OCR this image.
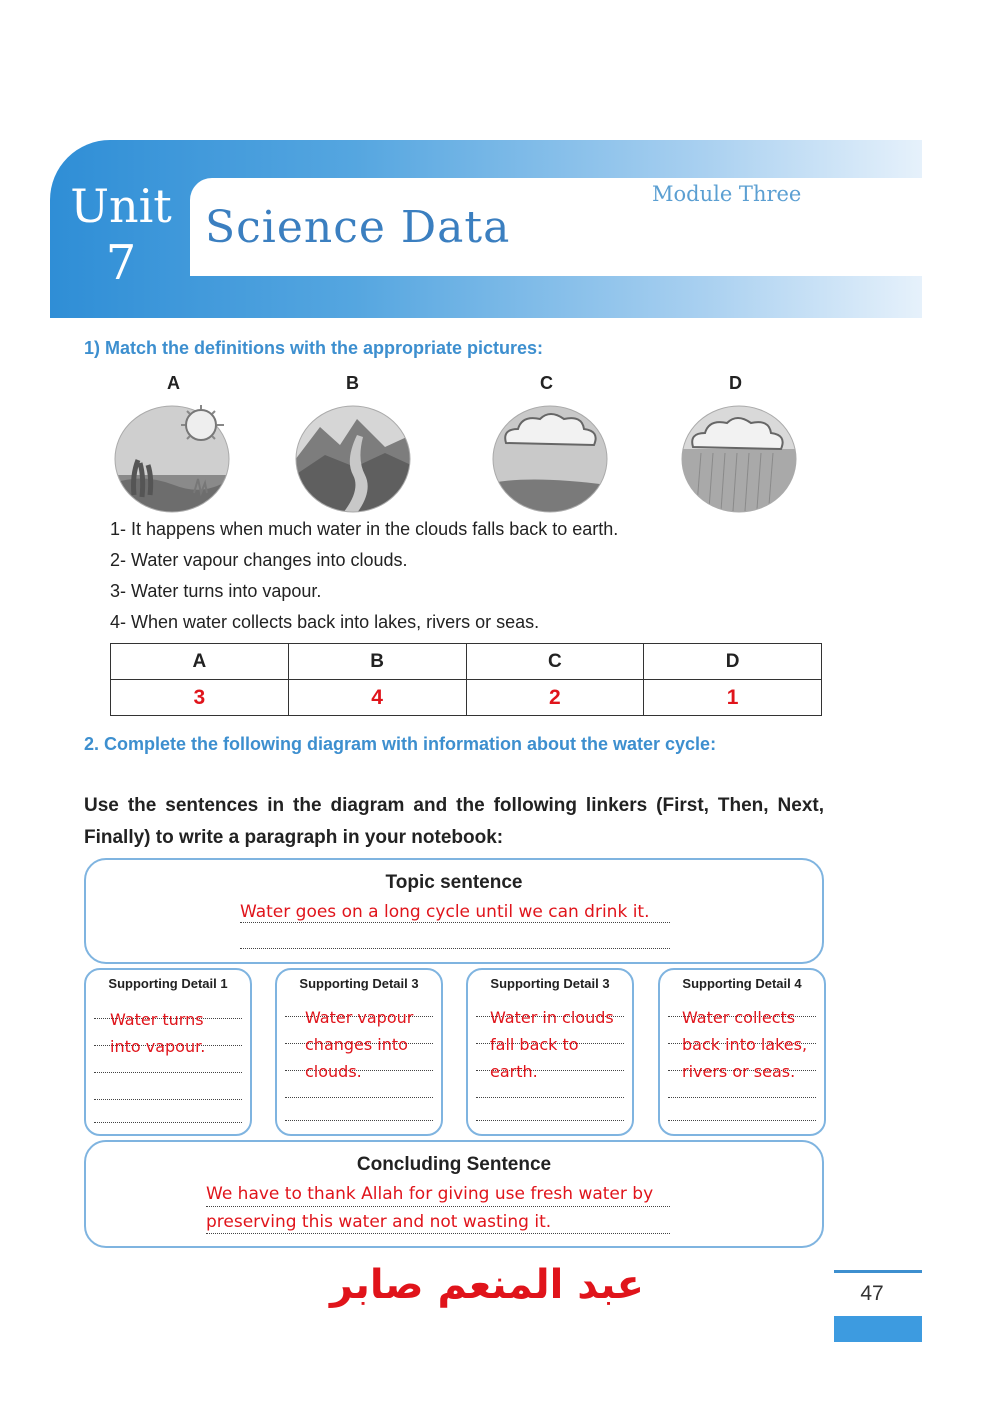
Unit
7
Science Data
Module Three
1) Match the definitions with the appropriate pictures:
A	B	C	D
1- It happens when much water in the clouds falls back to earth.
2- Water vapour changes into clouds.
3- Water turns into vapour.
4- When water collects back into lakes, rivers or seas.
A	B	C	D
3	4	2	1
2. Complete the following diagram with information about the water cycle:
Use the sentences in the diagram and the following linkers (First, Then, Next, Finally) to write a paragraph in your notebook:
Topic sentence
Water goes on a long cycle until we can drink it.
Supporting Detail 1
Water turns into vapour.
Supporting Detail 3
Water vapour changes into clouds.
Supporting Detail 3
Water in clouds fall back to earth.
Supporting Detail 4
Water collects back into lakes, rivers or seas.
Concluding Sentence
We have to thank Allah for giving use fresh water by preserving this water and not wasting it.
عبد المنعم صابر	47
